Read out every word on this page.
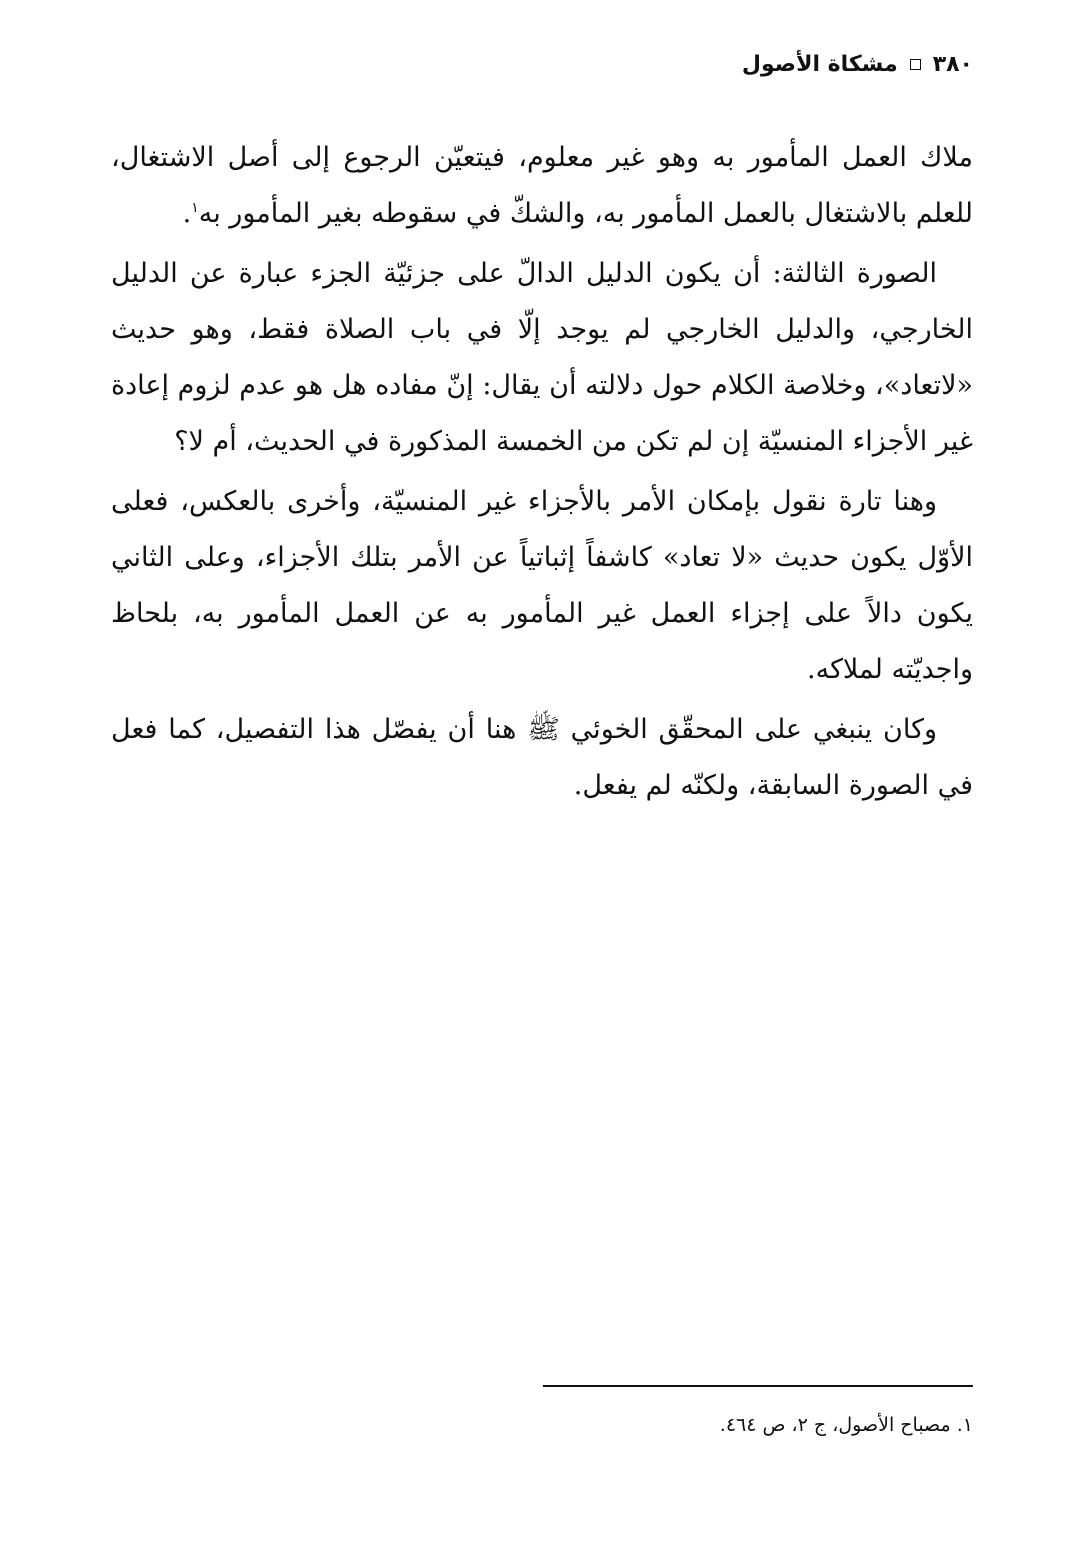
٣٨٠
مشكاة الأصول

ملاك العمل المأمور به وهو غير معلوم، فيتعيّن الرجوع إلى أصل الاشتغال، للعلم بالاشتغال بالعمل المأمور به، والشكّ في سقوطه بغير المأمور به$^١$.

الصورة الثالثة: أن يكون الدليل الدالّ على جزئيّة الجزء عبارة عن الدليل الخارجي، والدليل الخارجي لم يوجد إلّا في باب الصلاة فقط، وهو حديث «لاتعاد»، وخلاصة الكلام حول دلالته أن يقال: إنّ مفاده هل هو عدم لزوم إعادة غير الأجزاء المنسيّة إن لم تكن من الخمسة المذكورة في الحديث، أم لا؟

وهنا تارة نقول بإمكان الأمر بالأجزاء غير المنسيّة، وأخرى بالعكس، فعلى الأوّل يكون حديث «لا تعاد» كاشفاً إثباتياً عن الأمر بتلك الأجزاء، وعلى الثاني يكون دالاً على إجزاء العمل غير المأمور به عن العمل المأمور به، بلحاظ واجديّته لملاكه.

وكان ينبغي على المحقّق الخوئي ﷺ هنا أن يفصّل هذا التفصيل، كما فعل في الصورة السابقة، ولكنّه لم يفعل.

١. مصباح الأصول، ج ٢، ص ٤٦٤.
